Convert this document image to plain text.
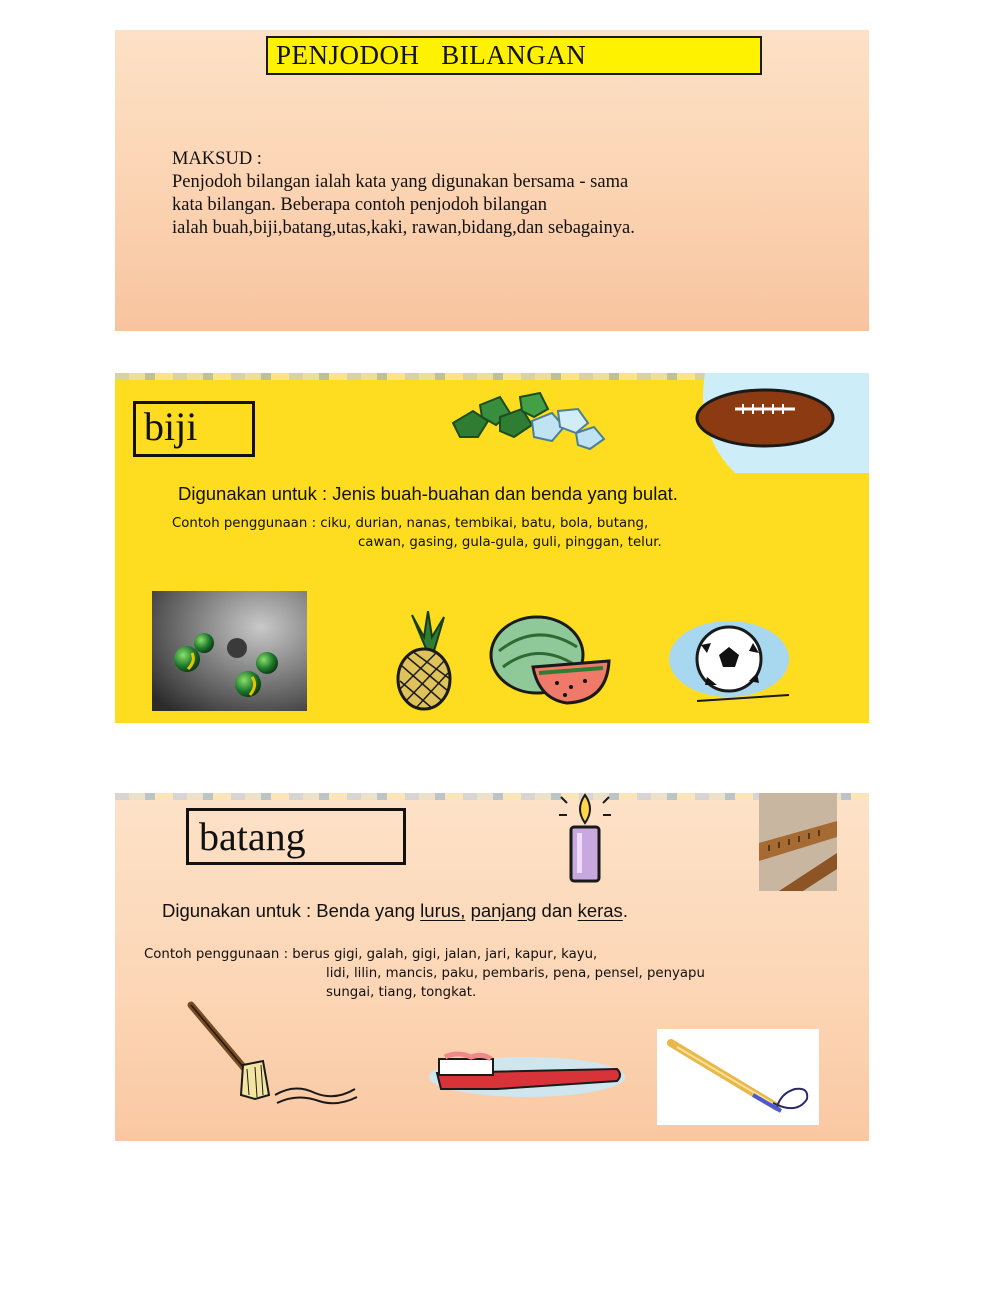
PENJODOH   BILANGAN
MAKSUD :
Penjodoh bilangan ialah kata yang digunakan bersama - sama
kata bilangan. Beberapa contoh penjodoh bilangan
ialah buah,biji,batang,utas,kaki, rawan,bidang,dan sebagainya.
biji
Digunakan untuk : Jenis buah-buahan dan benda yang bulat.
Contoh penggunaan : ciku, durian, nanas, tembikai, batu, bola, butang,
cawan, gasing, gula-gula, guli, pinggan, telur.
batang
Digunakan untuk : Benda yang lurus, panjang dan keras.
Contoh penggunaan : berus gigi, galah, gigi, jalan, jari, kapur, kayu,
lidi, lilin, mancis, paku, pembaris, pena, pensel, penyapu
sungai, tiang, tongkat.
